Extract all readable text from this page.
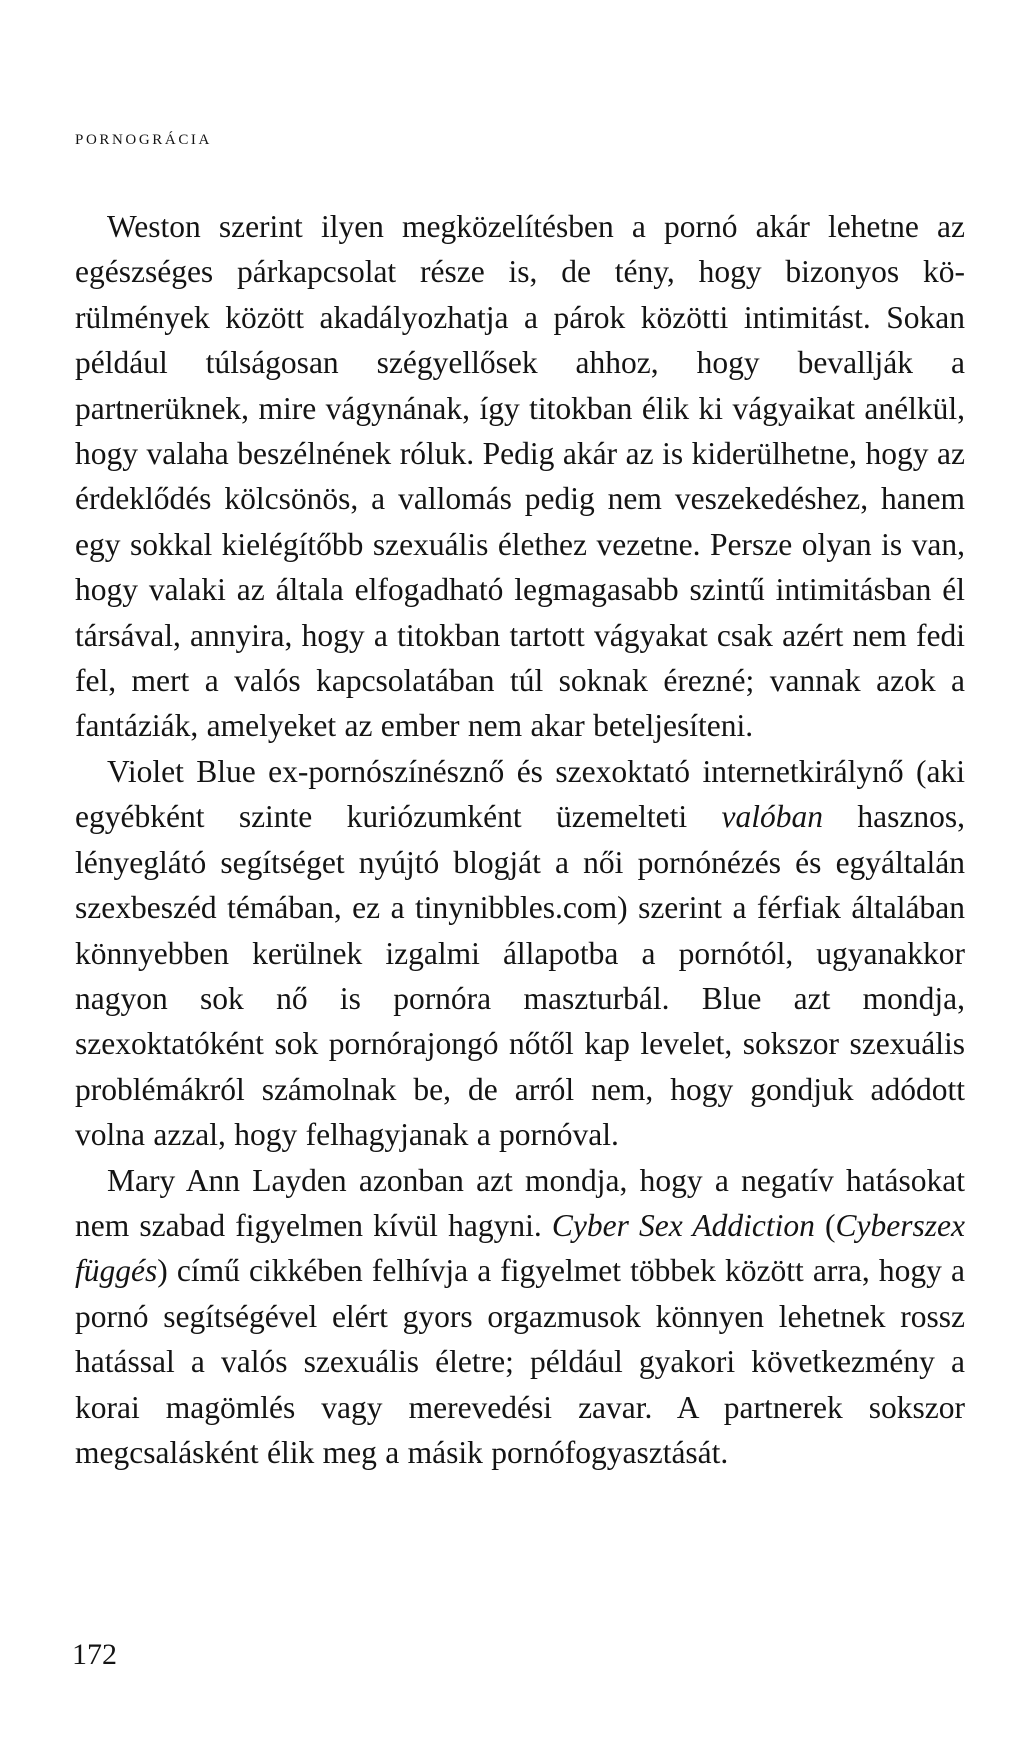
PORNOGRÁCIA

Weston szerint ilyen megközelítésben a pornó akár lehetne az egészséges párkapcsolat része is, de tény, hogy bizonyos körülmények között akadályozhatja a párok közötti intimitást. Sokan például túlságosan szégyellősek ahhoz, hogy bevallják a partnerüknek, mire vágynának, így titokban élik ki vágyaikat anélkül, hogy valaha beszélnének róluk. Pedig akár az is kiderülhetne, hogy az érdeklődés kölcsönös, a vallomás pedig nem veszekedéshez, hanem egy sokkal kielégítőbb szexuális élethez vezetne. Persze olyan is van, hogy valaki az általa elfogadható legmagasabb szintű intimitásban él társával, annyira, hogy a titokban tartott vágyakat csak azért nem fedi fel, mert a valós kapcsolatában túl soknak érezné; vannak azok a fantáziák, amelyeket az ember nem akar beteljesíteni.

Violet Blue ex-pornószínésznő és szexoktató internetkirálynő (aki egyébként szinte kuriózumként üzemelteti valóban hasznos, lényeglátó segítséget nyújtó blogját a női pornónézés és egyáltalán szexbeszéd témában, ez a tinynibbles.com) szerint a férfiak általában könnyebben kerülnek izgalmi állapotba a pornótól, ugyanakkor nagyon sok nő is pornóra maszturbál. Blue azt mondja, szexoktatóként sok pornórajongó nőtől kap levelet, sokszor szexuális problémákról számolnak be, de arról nem, hogy gondjuk adódott volna azzal, hogy felhagyjanak a pornóval.

Mary Ann Layden azonban azt mondja, hogy a negatív hatásokat nem szabad figyelmen kívül hagyni. Cyber Sex Addiction (Cyberszex függés) című cikkében felhívja a figyelmet többek között arra, hogy a pornó segítségével elért gyors orgazmusok könnyen lehetnek rossz hatással a valós szexuális életre; például gyakori következmény a korai magömlés vagy merevedési zavar. A partnerek sokszor megcsalásként élik meg a másik pornófogyasztását.

172
